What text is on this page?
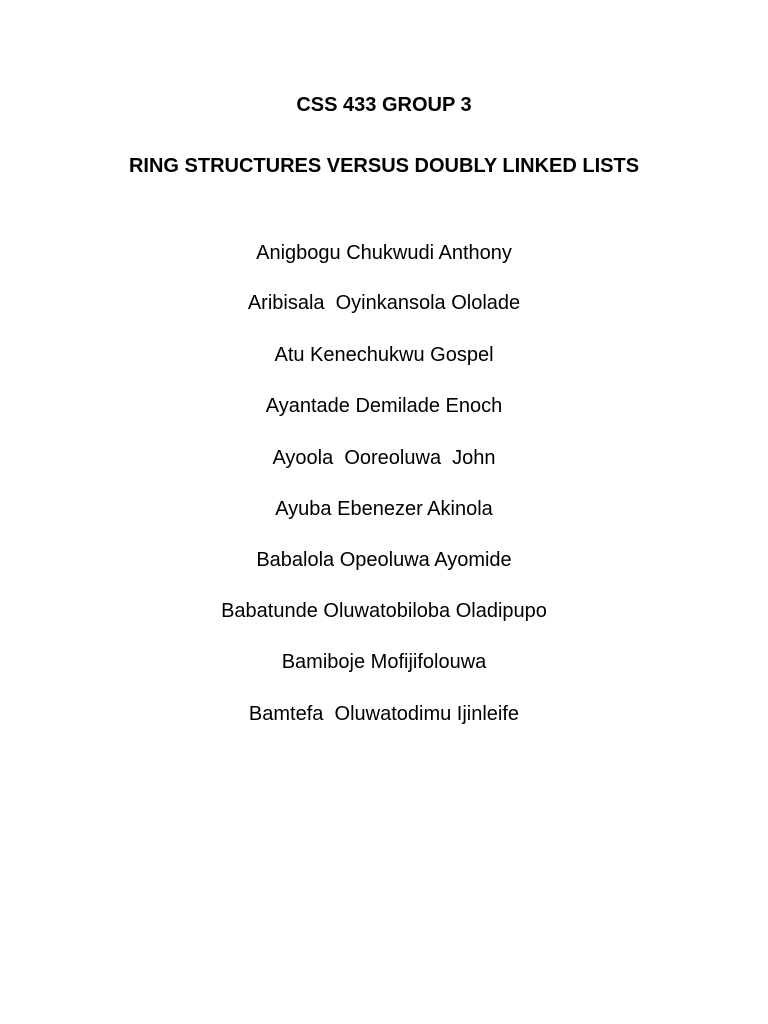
CSS 433 GROUP 3
RING STRUCTURES VERSUS DOUBLY LINKED LISTS
Anigbogu Chukwudi Anthony
Aribisala  Oyinkansola Ololade
Atu Kenechukwu Gospel
Ayantade Demilade Enoch
Ayoola  Ooreoluwa  John
Ayuba Ebenezer Akinola
Babalola Opeoluwa Ayomide
Babatunde Oluwatobiloba Oladipupo
Bamiboje Mofijifolouwa
Bamtefa  Oluwatodimu Ijinleife
